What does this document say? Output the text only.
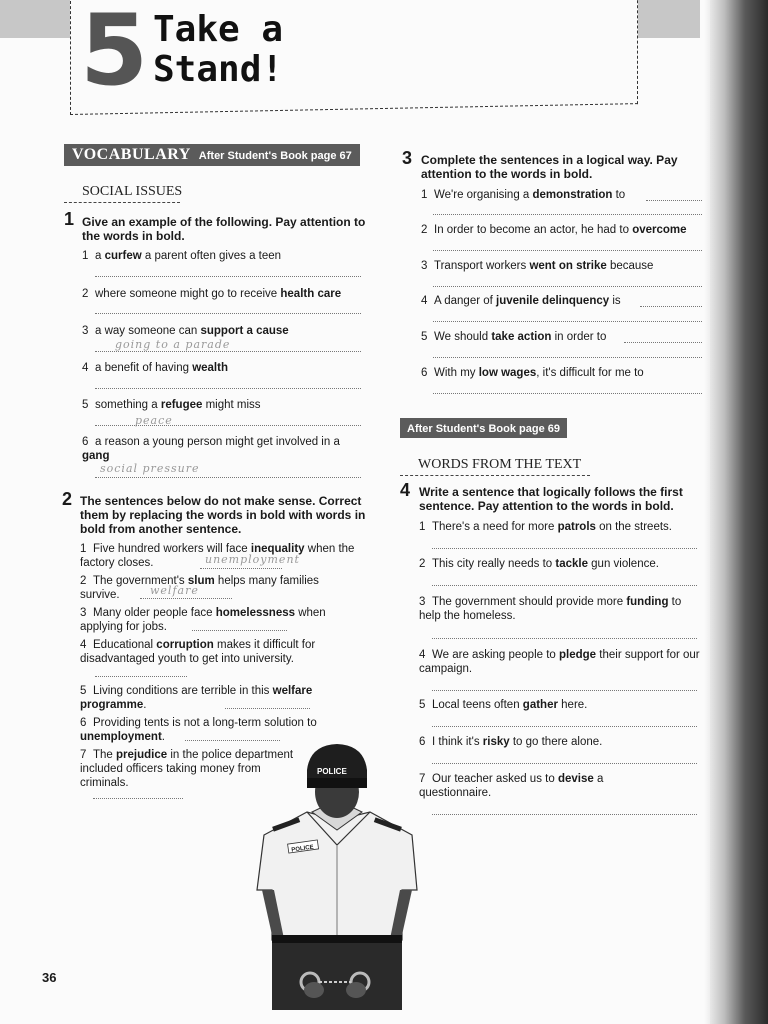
5 Take a
Stand!
VOCABULARY After Student's Book page 67
SOCIAL ISSUES
1 Give an example of the following. Pay attention to the words in bold.
1 a curfew a parent often gives a teen
2 where someone might go to receive health care
3 a way someone can support a cause
going to a parade
4 a benefit of having wealth
5 something a refugee might miss
peace
6 a reason a young person might get involved in a gang
social pressure
2 The sentences below do not make sense. Correct them by replacing the words in bold with words in bold from another sentence.
1 Five hundred workers will face inequality when the factory closes.	unemployment
2 The government's slum helps many families survive.	welfare
3 Many older people face homelessness when applying for jobs.
4 Educational corruption makes it difficult for disadvantaged youth to get into university.
5 Living conditions are terrible in this welfare programme.
6 Providing tents is not a long-term solution to unemployment.
7 The prejudice in the police department included officers taking money from criminals.
3 Complete the sentences in a logical way. Pay attention to the words in bold.
1 We're organising a demonstration to
2 In order to become an actor, he had to overcome
3 Transport workers went on strike because
4 A danger of juvenile delinquency is
5 We should take action in order to
6 With my low wages, it's difficult for me to
After Student's Book page 69
WORDS FROM THE TEXT
4 Write a sentence that logically follows the first sentence. Pay attention to the words in bold.
1 There's a need for more patrols on the streets.
2 This city really needs to tackle gun violence.
3 The government should provide more funding to help the homeless.
4 We are asking people to pledge their support for our campaign.
5 Local teens often gather here.
6 I think it's risky to go there alone.
7 Our teacher asked us to devise a questionnaire.
POLICE
POLICE
36
